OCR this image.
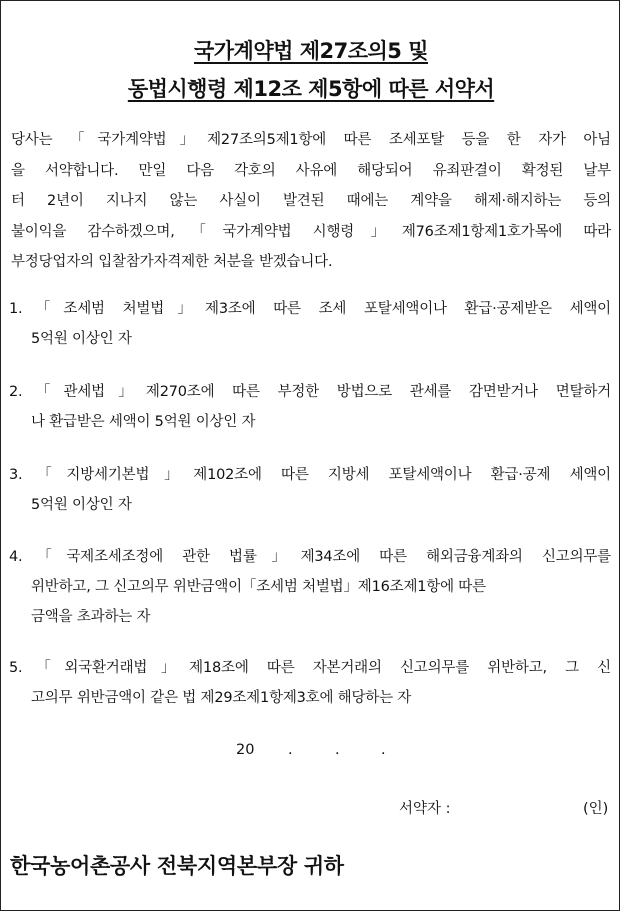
국가계약법 제27조의5 및
동법시행령 제12조 제5항에 따른 서약서
당사는 「국가계약법」제27조의5제1항에 따른 조세포탈 등을 한 자가 아님
을 서약합니다. 만일 다음 각호의 사유에 해당되어 유죄판결이 확정된 날부
터 2년이 지나지 않는 사실이 발견된 때에는 계약을 해제·해지하는 등의
불이익을 감수하겠으며,「국가계약법 시행령」제76조제1항제1호가목에 따라
부정당업자의 입찰참가자격제한 처분을 받겠습니다.
1.「조세범 처벌법」제3조에 따른 조세 포탈세액이나 환급·공제받은 세액이
5억원 이상인 자
2.「관세법」제270조에 따른 부정한 방법으로 관세를 감면받거나 면탈하거
나 환급받은 세액이 5억원 이상인 자
3.「지방세기본법」제102조에 따른 지방세 포탈세액이나 환급·공제 세액이
5억원 이상인 자
4.「국제조세조정에 관한 법률」제34조에 따른 해외금융계좌의 신고의무를
위반하고, 그 신고의무 위반금액이「조세범 처벌법」제16조제1항에 따른
금액을 초과하는 자
5.「외국환거래법」제18조에 따른 자본거래의 신고의무를 위반하고, 그 신
고의무 위반금액이 같은 법 제29조제1항제3호에 해당하는 자
20 .	.	.
서약자 :	(인)
한국농어촌공사 전북지역본부장 귀하
